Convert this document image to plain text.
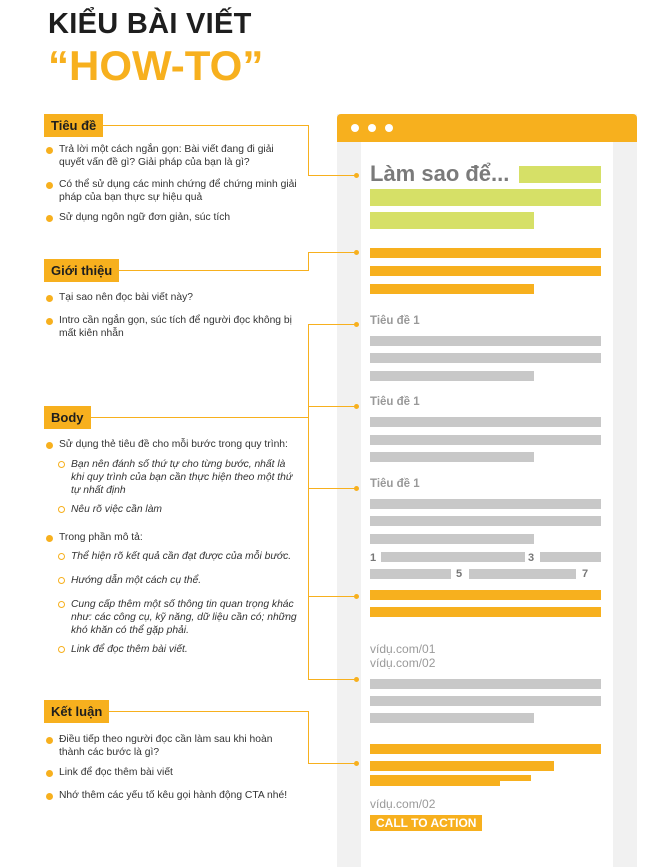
KIỂU BÀI VIẾT
“HOW-TO”
Tiêu đề
Trả lời một cách ngắn gọn: Bài viết đang đi giải quyết vấn đề gì? Giải pháp của bạn là gì?
Có thể sử dụng các minh chứng để chứng minh giải pháp của bạn thực sự hiệu quả
Sử dụng ngôn ngữ đơn giản, súc tích
Giới thiệu
Tại sao nên đọc bài viết này?
Intro cần ngắn gọn, súc tích để người đọc không bị mất kiên nhẫn
Body
Sử dụng thẻ tiêu đề cho mỗi bước trong quy trình:
Bạn nên đánh số thứ tự cho từng bước, nhất là khi quy trình của bạn cần thực hiện theo một thứ tự nhất định
Nêu rõ việc cần làm
Trong phần mô tả:
Thể hiện rõ kết quả cần đạt được của mỗi bước.
Hướng dẫn một cách cụ thể.
Cung cấp thêm một số thông tin quan trọng khác như: các công cụ, kỹ năng, dữ liệu cần có; những khó khăn có thể gặp phải.
Link để đọc thêm bài viết.
Kết luận
Điều tiếp theo người đọc cần làm sau khi hoàn thành các bước là gì?
Link để đọc thêm bài viết
Nhớ thêm các yếu tố kêu gọi hành động CTA nhé!
Làm sao để...
Tiêu đề 1
Tiêu đề 1
Tiêu đề 1
1	3
5	7
vídụ.com/01
vídụ.com/02
vídụ.com/02
CALL TO ACTION
